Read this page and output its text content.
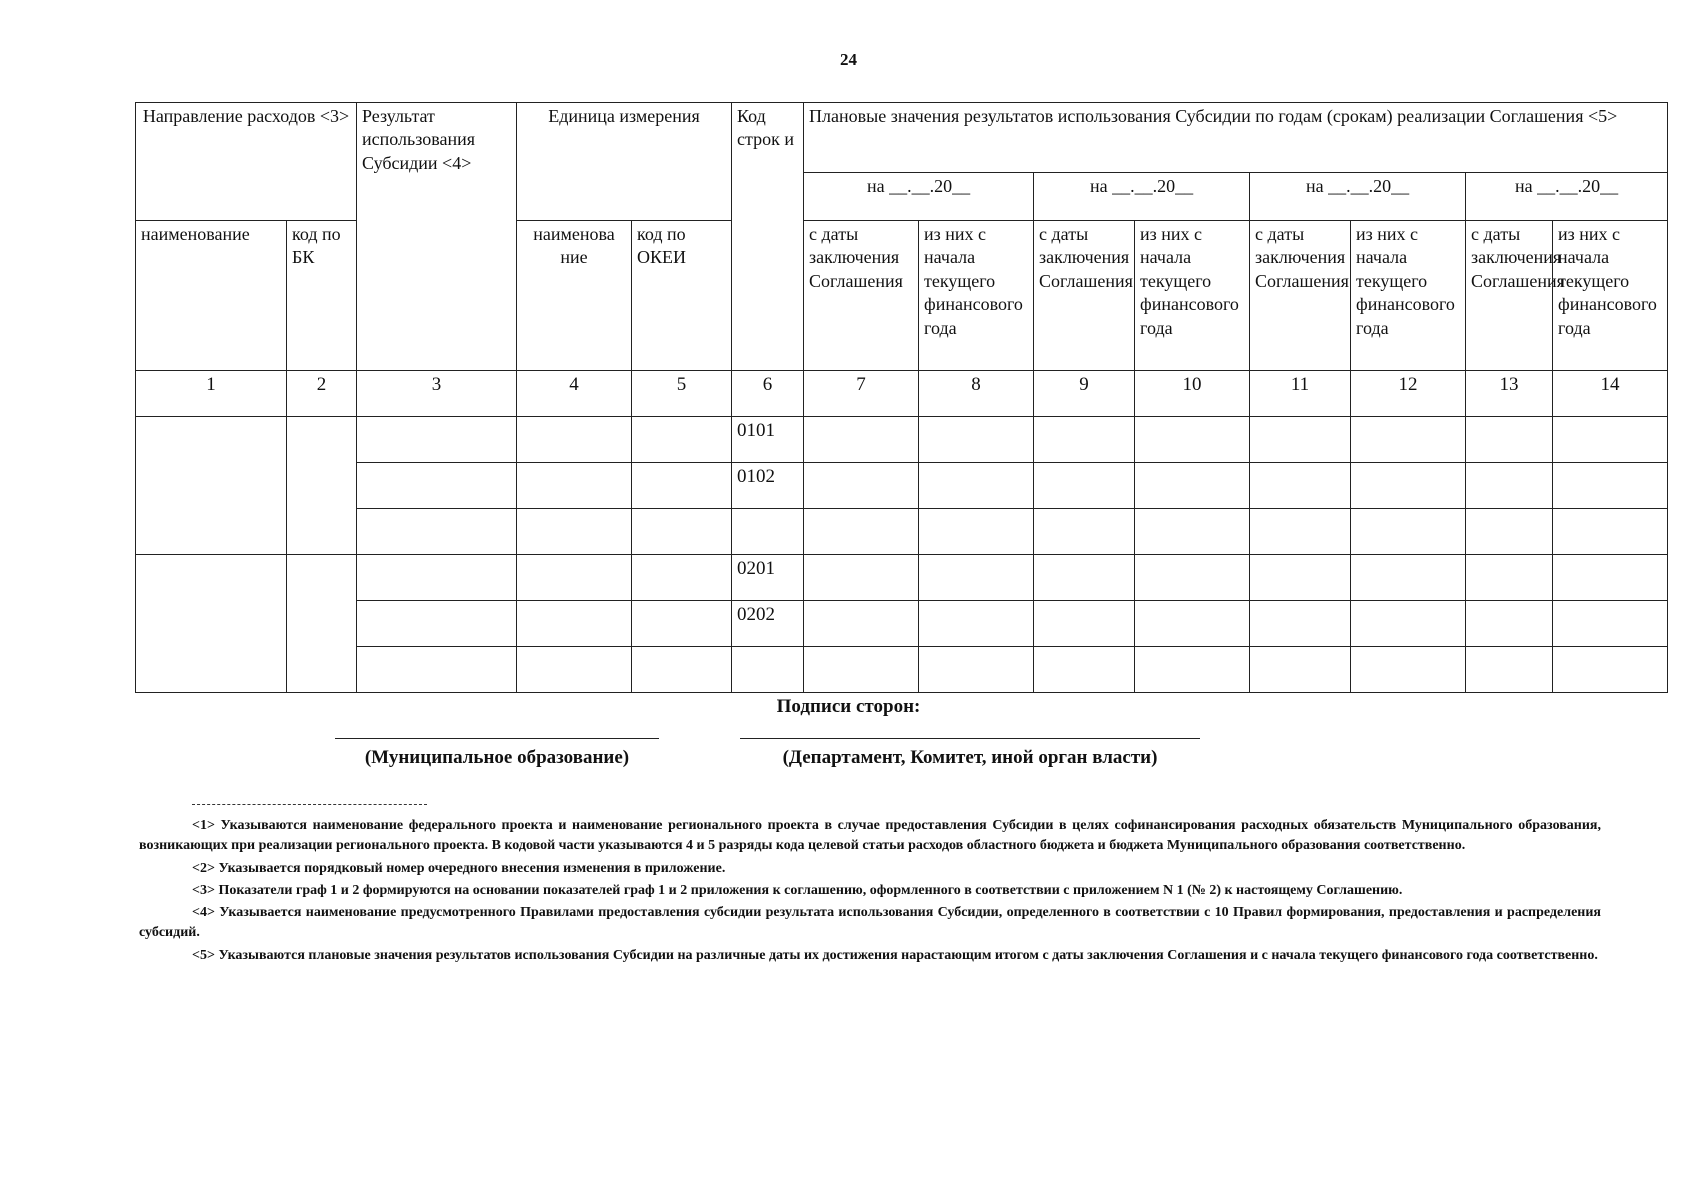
24
Направление расходов <3>		Результат использования Субсидии <4>	Единица измерения		Код строк и	Плановые значения результатов использования Субсидии по годам (срокам) реализации Соглашения <5>							
						на __.__.20__		на __.__.20__		на __.__.20__		на __.__.20__	
наименование	код по БК		наименова ние	код по ОКЕИ		с даты заключения Соглашения	из них с начала текущего финансового года	с даты заключения Соглашения	из них с начала текущего финансового года	с даты заключения Соглашения	из них с начала текущего финансового года	с даты заключения Соглашения	из них с начала текущего финансового года
1	2	3	4	5	6	7	8	9	10	11	12	13	14
					0101								
					0102								

					0201								
					0202								

Подписи сторон:
(Муниципальное образование)	(Департамент, Комитет, иной орган власти)

<1> Указываются наименование федерального проекта и наименование регионального проекта в случае предоставления Субсидии в целях софинансирования расходных обязательств Муниципального образования, возникающих при реализации регионального проекта. В кодовой части указываются 4 и 5 разряды кода целевой статьи расходов областного бюджета и бюджета Муниципального образования соответственно.

<2> Указывается порядковый номер очередного внесения изменения в приложение.

<3> Показатели граф 1 и 2 формируются на основании показателей граф 1 и 2 приложения к соглашению, оформленного в соответствии с приложением N 1 (№ 2) к настоящему Соглашению.

<4> Указывается наименование предусмотренного Правилами предоставления субсидии результата использования Субсидии, определенного в соответствии с 10 Правил формирования, предоставления и распределения субсидий.

<5> Указываются плановые значения результатов использования Субсидии на различные даты их достижения нарастающим итогом с даты заключения Соглашения и с начала текущего финансового года соответственно.
